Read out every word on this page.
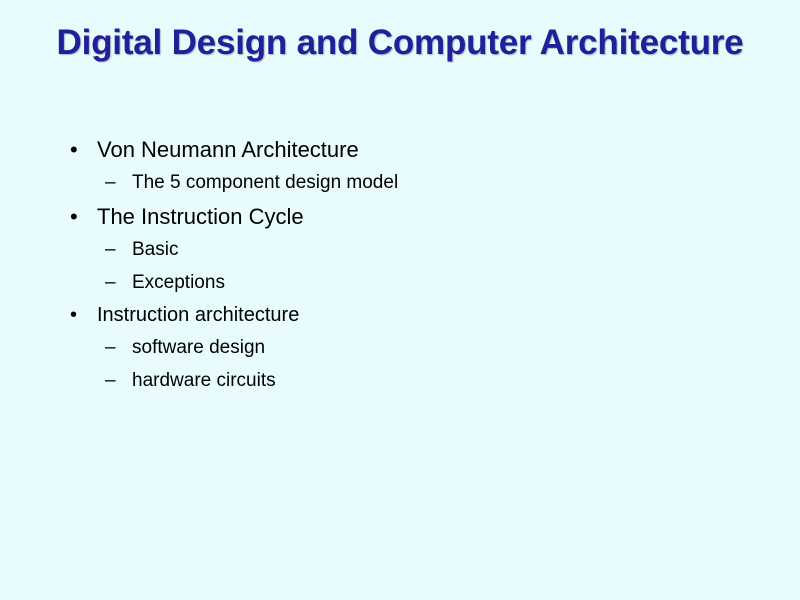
Digital Design and Computer Architecture
• Von Neumann Architecture
– The 5 component design model
• The Instruction Cycle
– Basic
– Exceptions
• Instruction architecture
– software design
– hardware circuits
